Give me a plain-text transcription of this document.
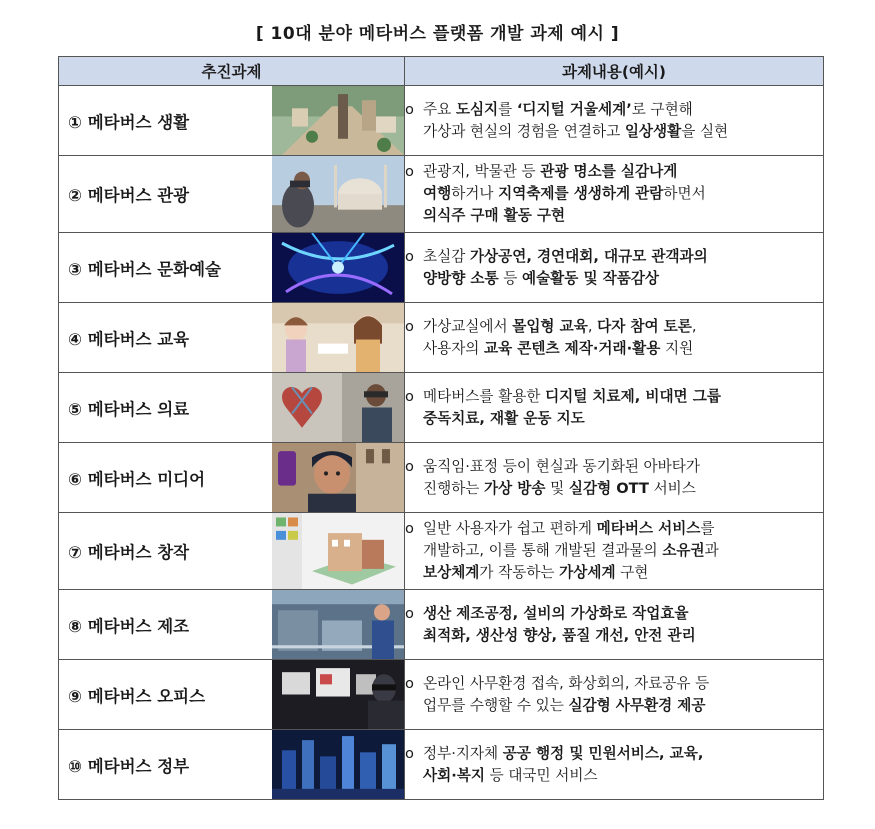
[ 10대 분야 메타버스 플랫폼 개발 과제 예시 ]
추진과제	과제내용(예시)

① 메타버스 생활	o 주요 도심지를 ‘디지털 거울세계’로 구현해
가상과 현실의 경험을 연결하고 일상생활을 실현

② 메타버스 관광	o 관광지, 박물관 등 관광 명소를 실감나게
여행하거나 지역축제를 생생하게 관람하면서
의식주 구매 활동 구현

③ 메타버스 문화예술	o 초실감 가상공연, 경연대회, 대규모 관객과의
양방향 소통 등 예술활동 및 작품감상

④ 메타버스 교육	o 가상교실에서 몰입형 교육, 다자 참여 토론,
사용자의 교육 콘텐츠 제작·거래·활용 지원

⑤ 메타버스 의료	o 메타버스를 활용한 디지털 치료제, 비대면 그룹
중독치료, 재활 운동 지도

⑥ 메타버스 미디어	o 움직임·표정 등이 현실과 동기화된 아바타가
진행하는 가상 방송 및 실감형 OTT 서비스

⑦ 메타버스 창작	o 일반 사용자가 쉽고 편하게 메타버스 서비스를
개발하고, 이를 통해 개발된 결과물의 소유권과
보상체계가 작동하는 가상세계 구현

⑧ 메타버스 제조	o 생산 제조공정, 설비의 가상화로 작업효율
최적화, 생산성 향상, 품질 개선, 안전 관리

⑨ 메타버스 오피스	o 온라인 사무환경 접속, 화상회의, 자료공유 등
업무를 수행할 수 있는 실감형 사무환경 제공

⑩ 메타버스 정부	o 정부·지자체 공공 행정 및 민원서비스, 교육,
사회·복지 등 대국민 서비스
